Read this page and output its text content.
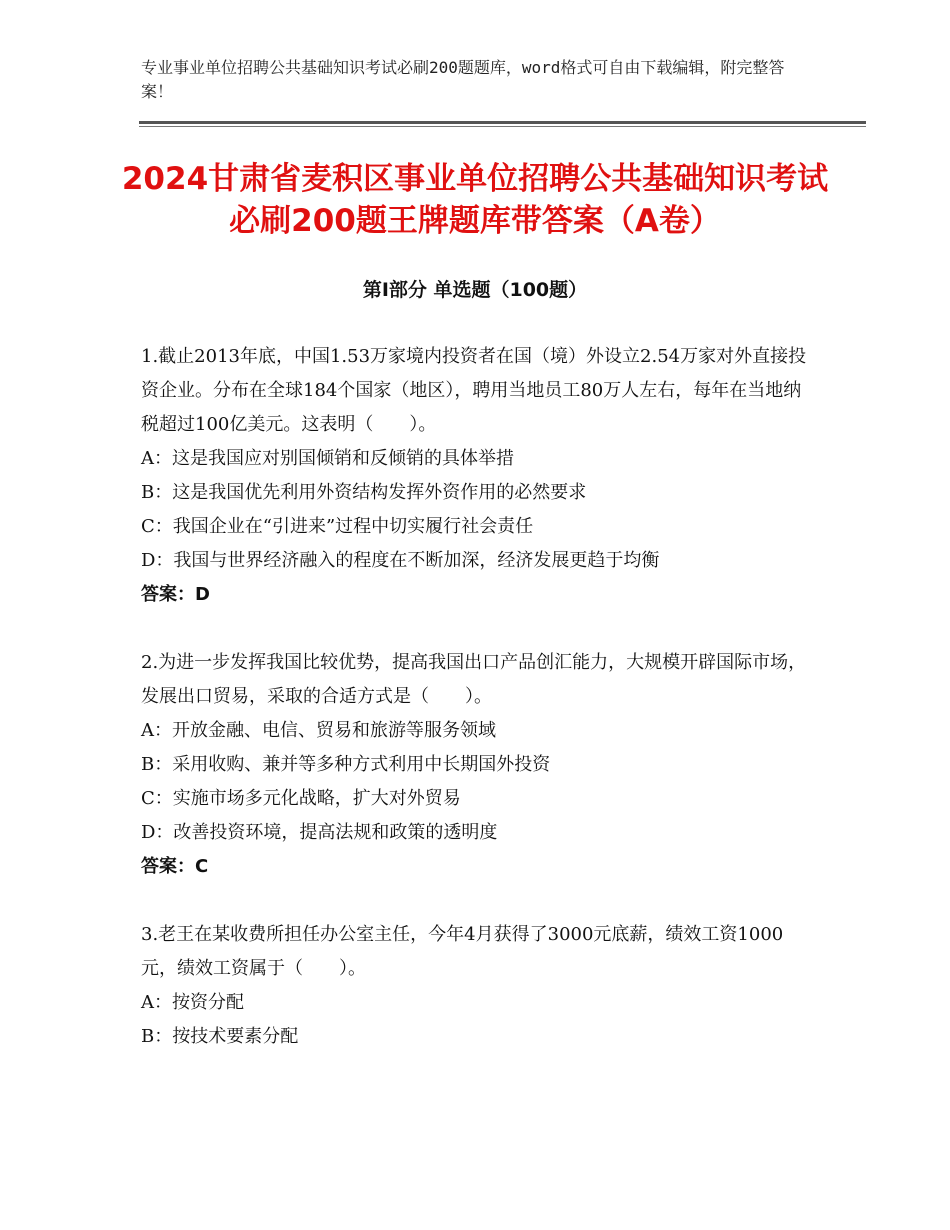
专业事业单位招聘公共基础知识考试必刷200题题库，word格式可自由下载编辑，附完整答案！
2024甘肃省麦积区事业单位招聘公共基础知识考试必刷200题王牌题库带答案（A卷）
第Ⅰ部分 单选题（100题）

1.截止2013年底，中国1.53万家境内投资者在国（境）外设立2.54万家对外直接投资企业。分布在全球184个国家（地区），聘用当地员工80万人左右，每年在当地纳税超过100亿美元。这表明（　　）。

A：这是我国应对别国倾销和反倾销的具体举措

B：这是我国优先利用外资结构发挥外资作用的必然要求

C：我国企业在“引进来”过程中切实履行社会责任

D：我国与世界经济融入的程度在不断加深，经济发展更趋于均衡

答案：D

2.为进一步发挥我国比较优势，提高我国出口产品创汇能力，大规模开辟国际市场，发展出口贸易，采取的合适方式是（　　）。

A：开放金融、电信、贸易和旅游等服务领域

B：采用收购、兼并等多种方式利用中长期国外投资

C：实施市场多元化战略，扩大对外贸易

D：改善投资环境，提高法规和政策的透明度

答案：C

3.老王在某收费所担任办公室主任，今年4月获得了3000元底薪，绩效工资1000元，绩效工资属于（　　）。

A：按资分配

B：按技术要素分配
